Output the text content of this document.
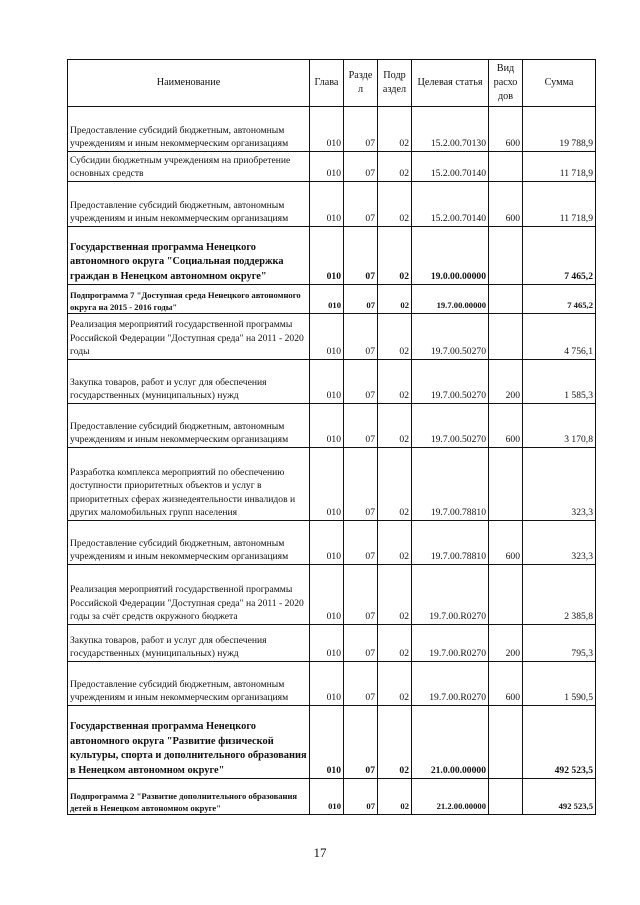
Наименование	Глава	Разде л	Подр аздел	Целевая статья	Вид расхо дов	Сумма
Предоставление субсидий бюджетным, автономным учреждениям и иным некоммерческим организациям	010	07	02	15.2.00.70130	600	19 788,9
Субсидии бюджетным учреждениям на приобретение основных средств	010	07	02	15.2.00.70140		11 718,9
Предоставление субсидий бюджетным, автономным учреждениям и иным некоммерческим организациям	010	07	02	15.2.00.70140	600	11 718,9
Государственная программа Ненецкого автономного округа "Социальная поддержка граждан в Ненецком автономном округе"	010	07	02	19.0.00.00000		7 465,2
Подпрограмма 7 "Доступная среда Ненецкого автономного округа на 2015 - 2016 годы"	010	07	02	19.7.00.00000		7 465,2
Реализация мероприятий государственной программы Российской Федерации "Доступная среда" на 2011 - 2020 годы	010	07	02	19.7.00.50270		4 756,1
Закупка товаров, работ и услуг для обеспечения государственных (муниципальных) нужд	010	07	02	19.7.00.50270	200	1 585,3
Предоставление субсидий бюджетным, автономным учреждениям и иным некоммерческим организациям	010	07	02	19.7.00.50270	600	3 170,8
Разработка комплекса мероприятий по обеспечению доступности приоритетных объектов и услуг в приоритетных сферах жизнедеятельности инвалидов и других маломобильных групп населения	010	07	02	19.7.00.78810		323,3
Предоставление субсидий бюджетным, автономным учреждениям и иным некоммерческим организациям	010	07	02	19.7.00.78810	600	323,3
Реализация мероприятий государственной программы Российской Федерации "Доступная среда" на 2011 - 2020 годы за счёт средств окружного бюджета	010	07	02	19.7.00.R0270		2 385,8
Закупка товаров, работ и услуг для обеспечения государственных (муниципальных) нужд	010	07	02	19.7.00.R0270	200	795,3
Предоставление субсидий бюджетным, автономным учреждениям и иным некоммерческим организациям	010	07	02	19.7.00.R0270	600	1 590,5
Государственная программа Ненецкого автономного округа "Развитие физической культуры, спорта и дополнительного образования в Ненецком автономном округе"	010	07	02	21.0.00.00000		492 523,5
Подпрограмма 2 "Развитие дополнительного образования детей в Ненецком автономном округе"	010	07	02	21.2.00.00000		492 523,5
17
